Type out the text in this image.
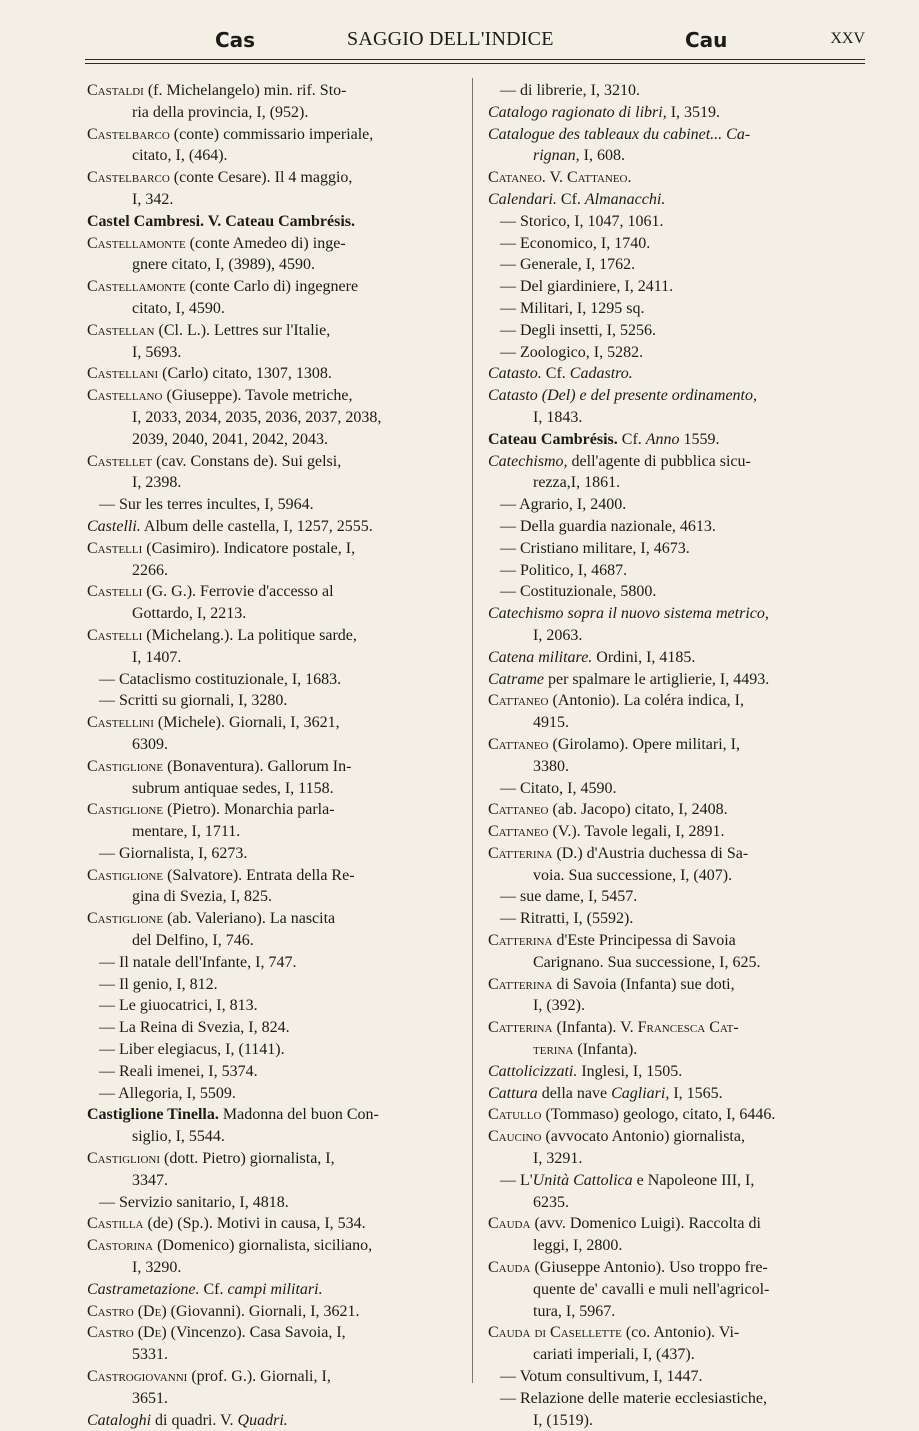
Cas	SAGGIO DELL'INDICE	Cau	XXV
Castaldi (f. Michelangelo) min. rif. Sto-
ria della provincia, I, (952).
Castelbarco (conte) commissario imperiale,
citato, I, (464).
Castelbarco (conte Cesare). Il 4 maggio,
I, 342.
Castel Cambresi. V. Cateau Cambrésis.
Castellamonte (conte Amedeo di) inge-
gnere citato, I, (3989), 4590.
Castellamonte (conte Carlo di) ingegnere
citato, I, 4590.
Castellan (Cl. L.). Lettres sur l'Italie,
I, 5693.
Castellani (Carlo) citato, 1307, 1308.
Castellano (Giuseppe). Tavole metriche,
I, 2033, 2034, 2035, 2036, 2037, 2038,
2039, 2040, 2041, 2042, 2043.
Castellet (cav. Constans de). Sui gelsi,
I, 2398.
— Sur les terres incultes, I, 5964.
Castelli. Album delle castella, I, 1257, 2555.
Castelli (Casimiro). Indicatore postale, I,
2266.
Castelli (G. G.). Ferrovie d'accesso al
Gottardo, I, 2213.
Castelli (Michelang.). La politique sarde,
I, 1407.
— Cataclismo costituzionale, I, 1683.
— Scritti su giornali, I, 3280.
Castellini (Michele). Giornali, I, 3621,
6309.
Castiglione (Bonaventura). Gallorum In-
subrum antiquae sedes, I, 1158.
Castiglione (Pietro). Monarchia parla-
mentare, I, 1711.
— Giornalista, I, 6273.
Castiglione (Salvatore). Entrata della Re-
gina di Svezia, I, 825.
Castiglione (ab. Valeriano). La nascita
del Delfino, I, 746.
— Il natale dell'Infante, I, 747.
— Il genio, I, 812.
— Le giuocatrici, I, 813.
— La Reina di Svezia, I, 824.
— Liber elegiacus, I, (1141).
— Reali imenei, I, 5374.
— Allegoria, I, 5509.
Castiglione Tinella. Madonna del buon Con-
siglio, I, 5544.
Castiglioni (dott. Pietro) giornalista, I,
3347.
— Servizio sanitario, I, 4818.
Castilla (de) (Sp.). Motivi in causa, I, 534.
Castorina (Domenico) giornalista, siciliano,
I, 3290.
Castrametazione. Cf. campi militari.
Castro (De) (Giovanni). Giornali, I, 3621.
Castro (De) (Vincenzo). Casa Savoia, I,
5331.
Castrogiovanni (prof. G.). Giornali, I,
3651.
Cataloghi di quadri. V. Quadri.
— di librerie, I, 3210.
Catalogo ragionato di libri, I, 3519.
Catalogue des tableaux du cabinet... Ca-
rignan, I, 608.
Cataneo. V. Cattaneo.
Calendari. Cf. Almanacchi.
— Storico, I, 1047, 1061.
— Economico, I, 1740.
— Generale, I, 1762.
— Del giardiniere, I, 2411.
— Militari, I, 1295 sq.
— Degli insetti, I, 5256.
— Zoologico, I, 5282.
Catasto. Cf. Cadastro.
Catasto (Del) e del presente ordinamento,
I, 1843.
Cateau Cambrésis. Cf. Anno 1559.
Catechismo, dell'agente di pubblica sicu-
rezza,I, 1861.
— Agrario, I, 2400.
— Della guardia nazionale, 4613.
— Cristiano militare, I, 4673.
— Politico, I, 4687.
— Costituzionale, 5800.
Catechismo sopra il nuovo sistema metrico,
I, 2063.
Catena militare. Ordini, I, 4185.
Catrame per spalmare le artiglierie, I, 4493.
Cattaneo (Antonio). La coléra indica, I,
4915.
Cattaneo (Girolamo). Opere militari, I,
3380.
— Citato, I, 4590.
Cattaneo (ab. Jacopo) citato, I, 2408.
Cattaneo (V.). Tavole legali, I, 2891.
Catterina (D.) d'Austria duchessa di Sa-
voia. Sua successione, I, (407).
— sue dame, I, 5457.
— Ritratti, I, (5592).
Catterina d'Este Principessa di Savoia
Carignano. Sua successione, I, 625.
Catterina di Savoia (Infanta) sue doti,
I, (392).
Catterina (Infanta). V. Francesca Cat-
terina (Infanta).
Cattolicizzati. Inglesi, I, 1505.
Cattura della nave Cagliari, I, 1565.
Catullo (Tommaso) geologo, citato, I, 6446.
Caucino (avvocato Antonio) giornalista,
I, 3291.
— L'Unità Cattolica e Napoleone III, I,
6235.
Cauda (avv. Domenico Luigi). Raccolta di
leggi, I, 2800.
Cauda (Giuseppe Antonio). Uso troppo fre-
quente de' cavalli e muli nell'agricol-
tura, I, 5967.
Cauda di Casellette (co. Antonio). Vi-
cariati imperiali, I, (437).
— Votum consultivum, I, 1447.
— Relazione delle materie ecclesiastiche,
I, (1519).
